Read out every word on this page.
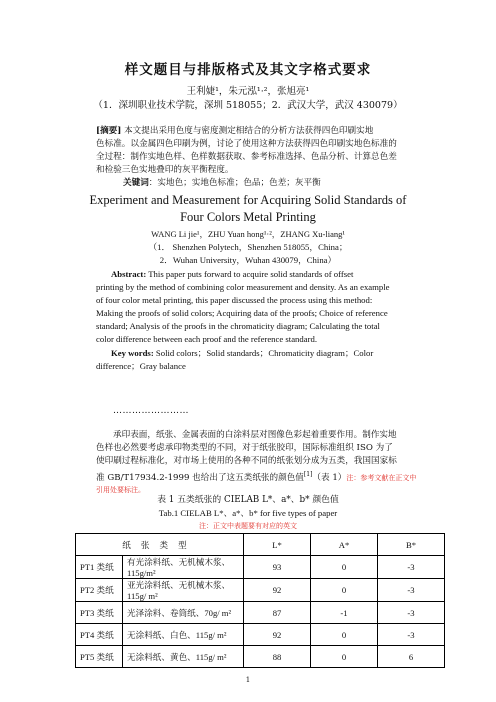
样文题目与排版格式及其文字格式要求
王利婕¹，朱元泓¹·²，张旭亮¹
（1．深圳职业技术学院，深圳 518055；2．武汉大学，武汉 430079）
[摘要] 本文提出采用色度与密度测定相结合的分析方法获得四色印刷实地
色标准。以金属四色印刷为例，讨论了使用这种方法获得四色印刷实地色标准的
全过程：制作实地色样、色样数据获取、参考标准选择、色品分析、计算总色差
和检验三色实地叠印的灰平衡程度。
关键词：实地色；实地色标准；色品；色差；灰平衡
Experiment and Measurement for Acquiring Solid Standards of
Four Colors Metal Printing
WANG Li jie¹，ZHU Yuan hong¹·²，ZHANG Xu-liang¹
（1． Shenzhen Polytech，Shenzhen 518055，China；
2．Wuhan University，Wuhan 430079，China）
Abstract: This paper puts forward to acquire solid standards of offset
printing by the method of combining color measurement and density. As an example
of four color metal printing, this paper discussed the process using this method:
Making the proofs of solid colors; Acquiring data of the proofs; Choice of reference
standard; Analysis of the proofs in the chromaticity diagram; Calculating the total
color difference between each proof and the reference standard.
Key words: Solid colors；Solid standards；Chromaticity diagram；Color
difference；Gray balance
……………………
承印表面，纸张、金属表面的白涂料层对图像色彩起着重要作用。制作实地
色样也必然要考虑承印物类型的不同，对于纸张胶印，国际标准组织 ISO 为了
使印刷过程标准化，对市场上使用的各种不同的纸张划分成为五类，我国国家标
准 GB/T17934.2-1999 也给出了这五类纸张的颜色值[1]（表 1）注：参考文献在正文中
引用处要标注。
表 1 五类纸张的 CIELAB L*、a*、b* 颜色值
Tab.1 CIELAB L*、a*、b* for five types of paper
注：正文中表题要有对应的英文
纸张类型		L*	A*	B*
PT1 类纸	有光涂料纸、无机械木浆、115g/m²	93	0	-3
PT2 类纸	亚光涂料纸、无机械木浆、115g/ m²	92	0	-3
PT3 类纸	光泽涂料、卷筒纸、70g/ m²	87	-1	-3
PT4 类纸	无涂料纸、白色、115g/ m²	92	0	-3
PT5 类纸	无涂料纸、黄色、115g/ m²	88	0	6
1
